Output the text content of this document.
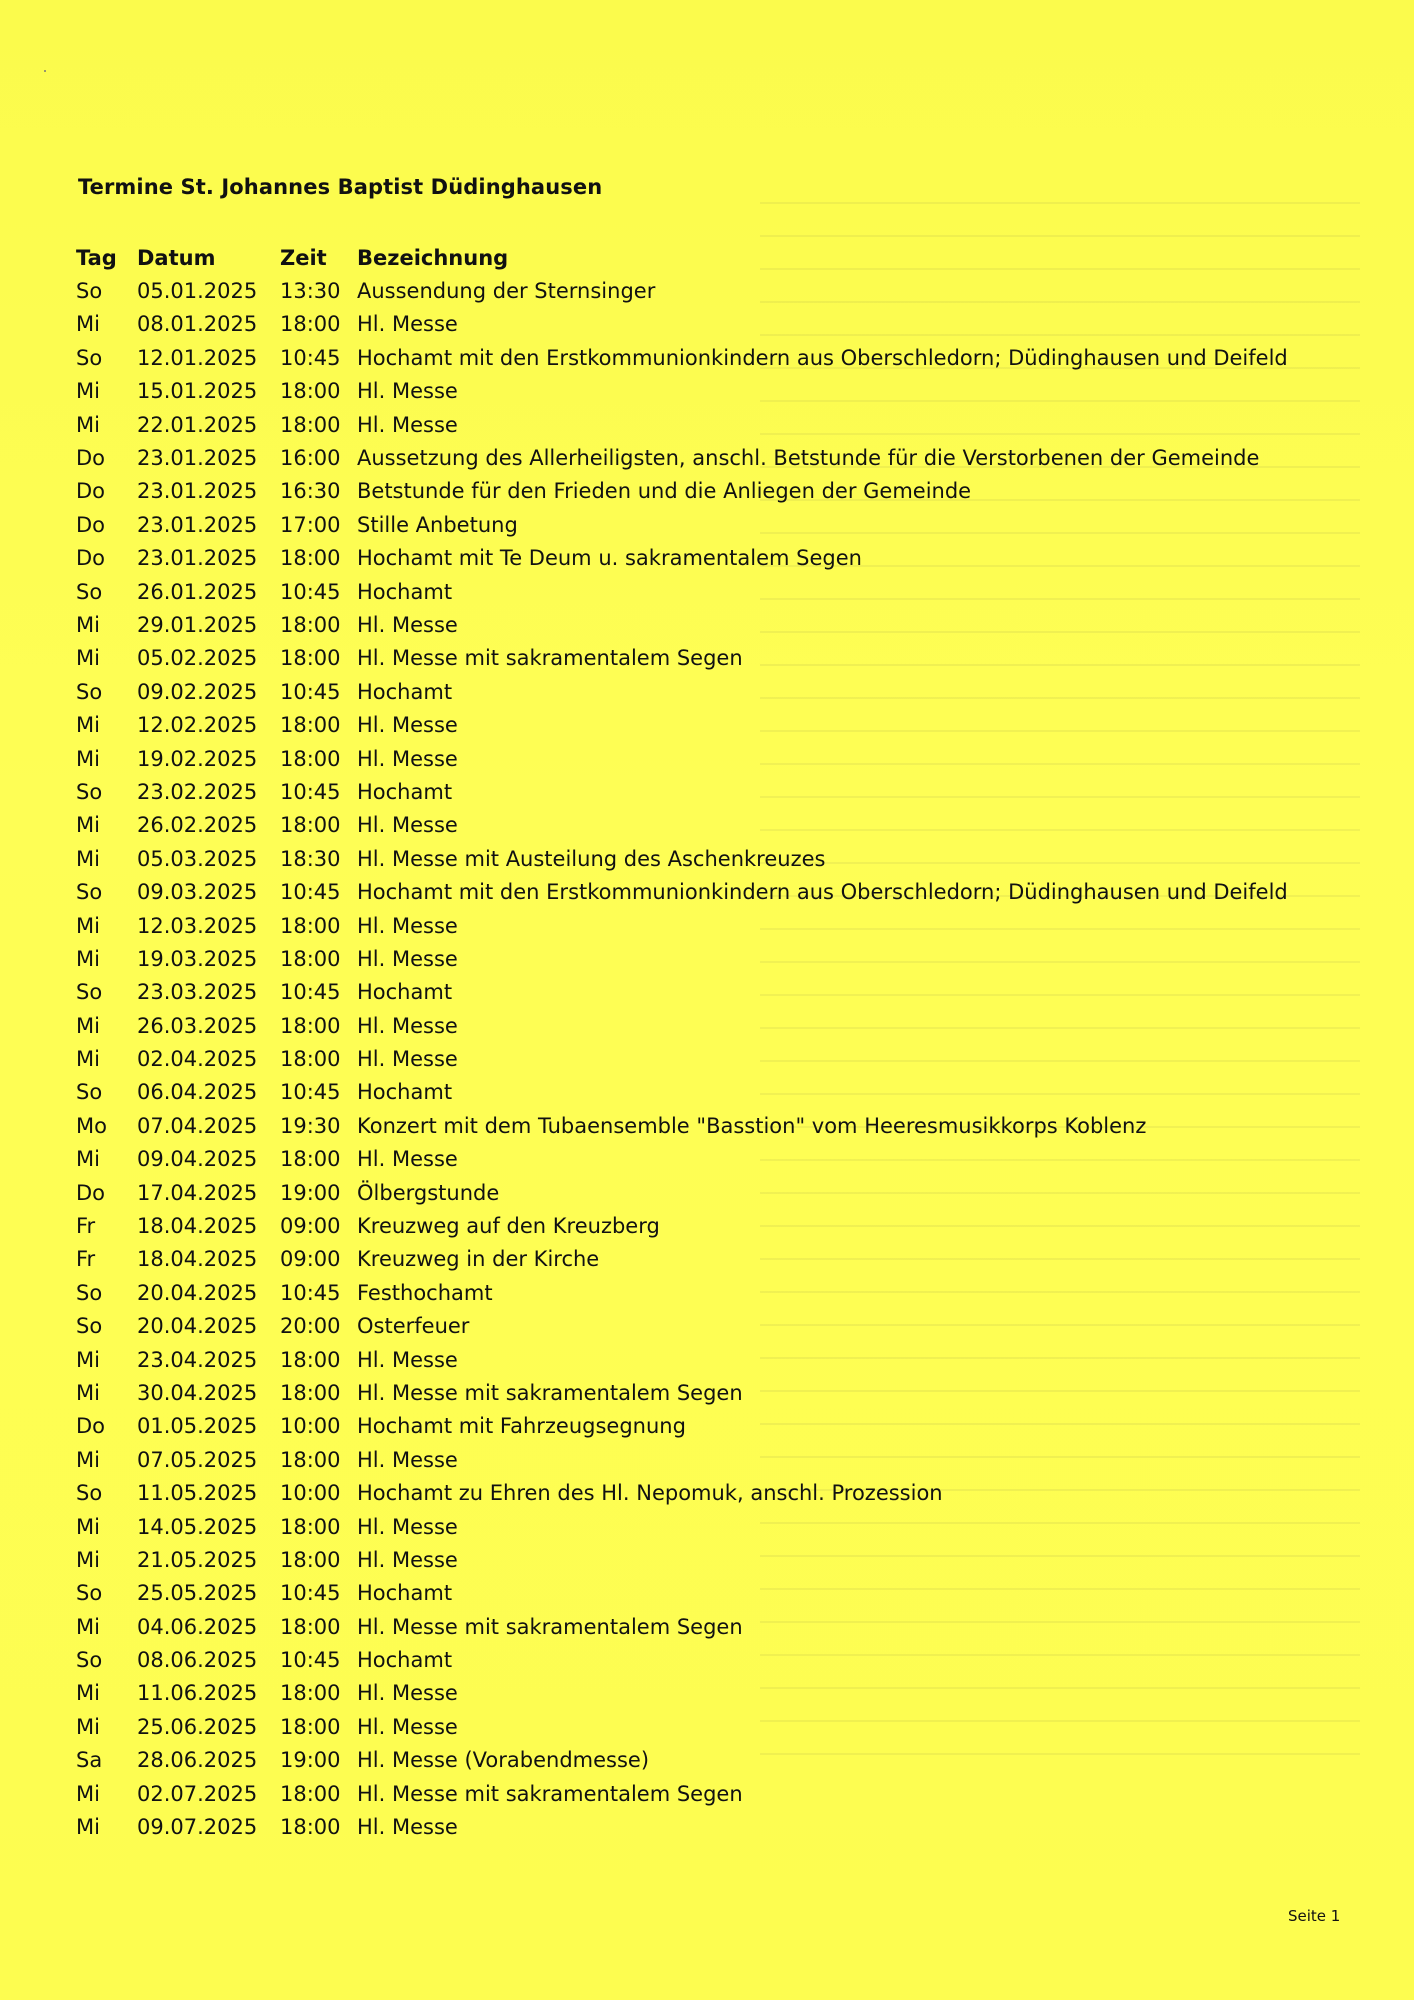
Termine St. Johannes Baptist Düdinghausen
Tag	Datum	Zeit	Bezeichnung
So	05.01.2025	13:30	Aussendung der Sternsinger
Mi	08.01.2025	18:00	Hl. Messe
So	12.01.2025	10:45	Hochamt mit den Erstkommunionkindern aus Oberschledorn; Düdinghausen und Deifeld
Mi	15.01.2025	18:00	Hl. Messe
Mi	22.01.2025	18:00	Hl. Messe
Do	23.01.2025	16:00	Aussetzung des Allerheiligsten, anschl. Betstunde für die Verstorbenen der Gemeinde
Do	23.01.2025	16:30	Betstunde für den Frieden und die Anliegen der Gemeinde
Do	23.01.2025	17:00	Stille Anbetung
Do	23.01.2025	18:00	Hochamt mit Te Deum u. sakramentalem Segen
So	26.01.2025	10:45	Hochamt
Mi	29.01.2025	18:00	Hl. Messe
Mi	05.02.2025	18:00	Hl. Messe mit sakramentalem Segen
So	09.02.2025	10:45	Hochamt
Mi	12.02.2025	18:00	Hl. Messe
Mi	19.02.2025	18:00	Hl. Messe
So	23.02.2025	10:45	Hochamt
Mi	26.02.2025	18:00	Hl. Messe
Mi	05.03.2025	18:30	Hl. Messe mit Austeilung des Aschenkreuzes
So	09.03.2025	10:45	Hochamt mit den Erstkommunionkindern aus Oberschledorn; Düdinghausen und Deifeld
Mi	12.03.2025	18:00	Hl. Messe
Mi	19.03.2025	18:00	Hl. Messe
So	23.03.2025	10:45	Hochamt
Mi	26.03.2025	18:00	Hl. Messe
Mi	02.04.2025	18:00	Hl. Messe
So	06.04.2025	10:45	Hochamt
Mo	07.04.2025	19:30	Konzert mit dem Tubaensemble "Basstion" vom Heeresmusikkorps Koblenz
Mi	09.04.2025	18:00	Hl. Messe
Do	17.04.2025	19:00	Ölbergstunde
Fr	18.04.2025	09:00	Kreuzweg auf den Kreuzberg
Fr	18.04.2025	09:00	Kreuzweg in der Kirche
So	20.04.2025	10:45	Festhochamt
So	20.04.2025	20:00	Osterfeuer
Mi	23.04.2025	18:00	Hl. Messe
Mi	30.04.2025	18:00	Hl. Messe mit sakramentalem Segen
Do	01.05.2025	10:00	Hochamt mit Fahrzeugsegnung
Mi	07.05.2025	18:00	Hl. Messe
So	11.05.2025	10:00	Hochamt zu Ehren des Hl. Nepomuk, anschl. Prozession
Mi	14.05.2025	18:00	Hl. Messe
Mi	21.05.2025	18:00	Hl. Messe
So	25.05.2025	10:45	Hochamt
Mi	04.06.2025	18:00	Hl. Messe mit sakramentalem Segen
So	08.06.2025	10:45	Hochamt
Mi	11.06.2025	18:00	Hl. Messe
Mi	25.06.2025	18:00	Hl. Messe
Sa	28.06.2025	19:00	Hl. Messe (Vorabendmesse)
Mi	02.07.2025	18:00	Hl. Messe mit sakramentalem Segen
Mi	09.07.2025	18:00	Hl. Messe
Seite 1
